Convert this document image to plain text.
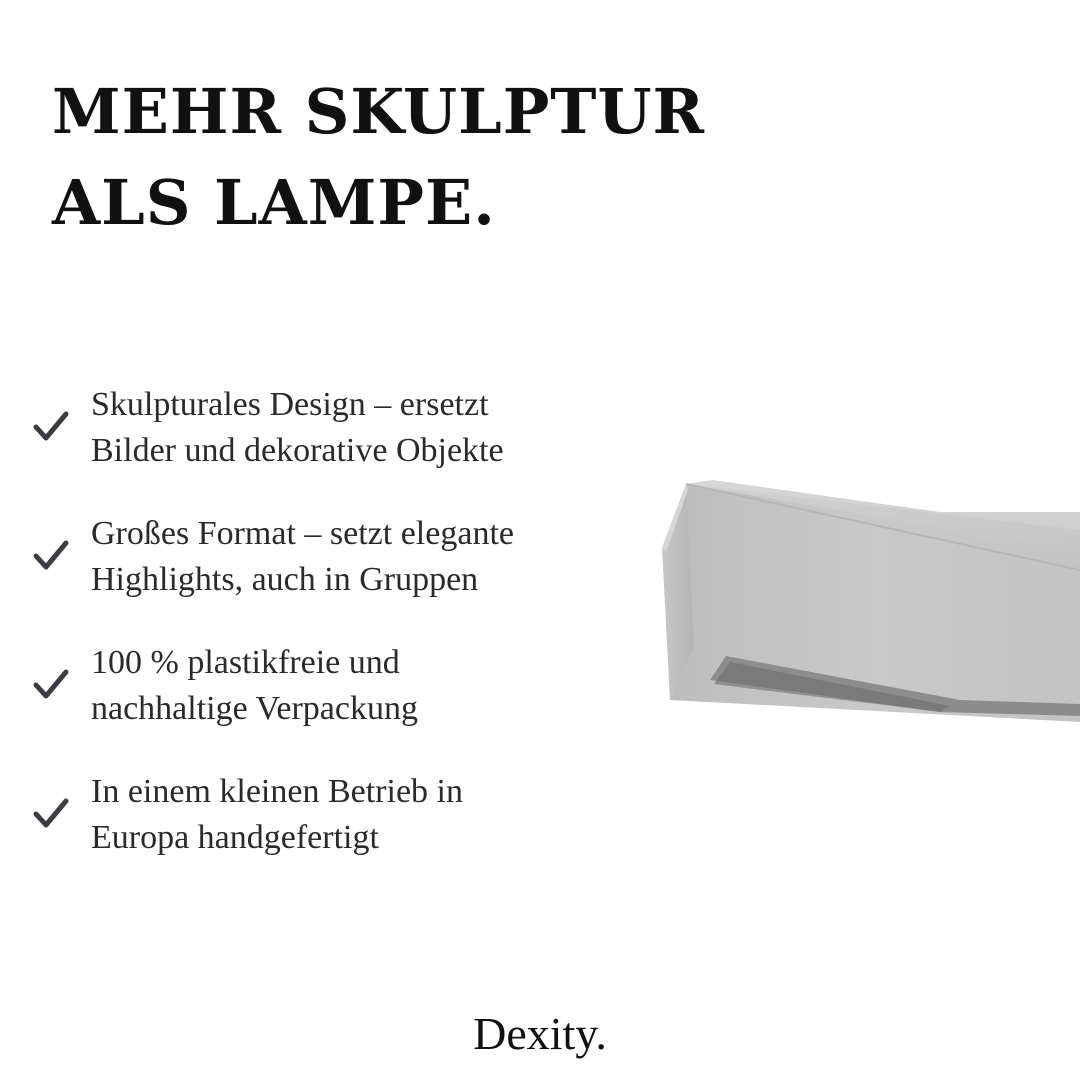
MEHR SKULPTUR
ALS LAMPE.
Skulpturales Design – ersetzt
Bilder und dekorative Objekte
Großes Format – setzt elegante
Highlights, auch in Gruppen
100 % plastikfreie und
nachhaltige Verpackung
In einem kleinen Betrieb in
Europa handgefertigt
Dexity.
